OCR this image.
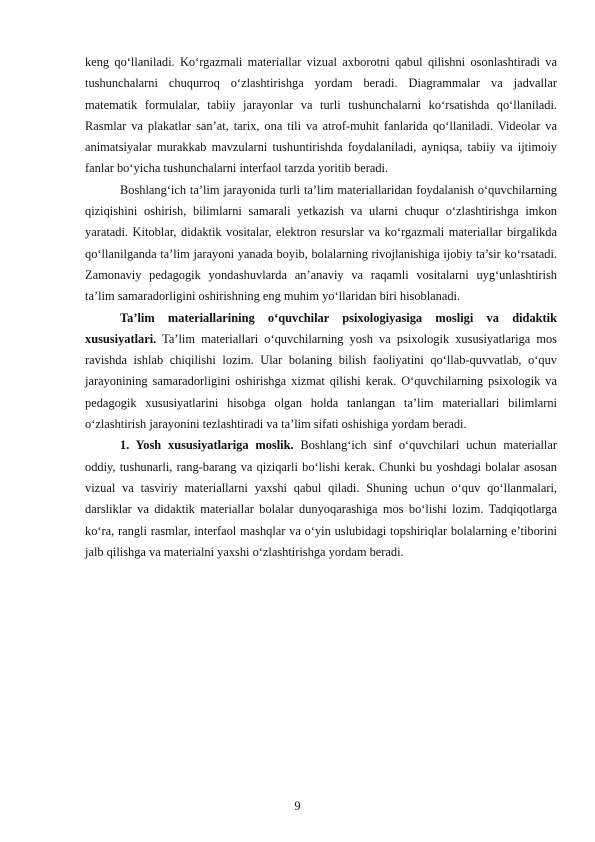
keng qo‘llaniladi. Ko‘rgazmali materiallar vizual axborotni qabul qilishni osonlashtiradi va tushunchalarni chuqurroq o‘zlashtirishga yordam beradi. Diagrammalar va jadvallar matematik formulalar, tabiiy jarayonlar va turli tushunchalarni ko‘rsatishda qo‘llaniladi. Rasmlar va plakatlar san’at, tarix, ona tili va atrof-muhit fanlarida qo‘llaniladi. Videolar va animatsiyalar murakkab mavzularni tushuntirishda foydalaniladi, ayniqsa, tabiiy va ijtimoiy fanlar bo‘yicha tushunchalarni interfaol tarzda yoritib beradi.

Boshlang‘ich ta’lim jarayonida turli ta’lim materiallaridan foydalanish o‘quvchilarning qiziqishini oshirish, bilimlarni samarali yetkazish va ularni chuqur o‘zlashtirishga imkon yaratadi. Kitoblar, didaktik vositalar, elektron resurslar va ko‘rgazmali materiallar birgalikda qo‘llanilganda ta’lim jarayoni yanada boyib, bolalarning rivojlanishiga ijobiy ta’sir ko‘rsatadi. Zamonaviy pedagogik yondashuvlarda an’anaviy va raqamli vositalarni uyg‘unlashtirish ta’lim samaradorligini oshirishning eng muhim yo‘llaridan biri hisoblanadi.

Ta’lim materiallarining o‘quvchilar psixologiyasiga mosligi va didaktik xususiyatlari. Ta’lim materiallari o‘quvchilarning yosh va psixologik xususiyatlariga mos ravishda ishlab chiqilishi lozim. Ular bolaning bilish faoliyatini qo‘llab-quvvatlab, o‘quv jarayonining samaradorligini oshirishga xizmat qilishi kerak. O‘quvchilarning psixologik va pedagogik xususiyatlarini hisobga olgan holda tanlangan ta’lim materiallari bilimlarni o‘zlashtirish jarayonini tezlashtiradi va ta’lim sifati oshishiga yordam beradi.

1. Yosh xususiyatlariga moslik. Boshlang‘ich sinf o‘quvchilari uchun materiallar oddiy, tushunarli, rang-barang va qiziqarli bo‘lishi kerak. Chunki bu yoshdagi bolalar asosan vizual va tasviriy materiallarni yaxshi qabul qiladi. Shuning uchun o‘quv qo‘llanmalari, darsliklar va didaktik materiallar bolalar dunyoqarashiga mos bo‘lishi lozim. Tadqiqotlarga ko‘ra, rangli rasmlar, interfaol mashqlar va o‘yin uslubidagi topshiriqlar bolalarning e’tiborini jalb qilishga va materialni yaxshi o‘zlashtirishga yordam beradi.

9
